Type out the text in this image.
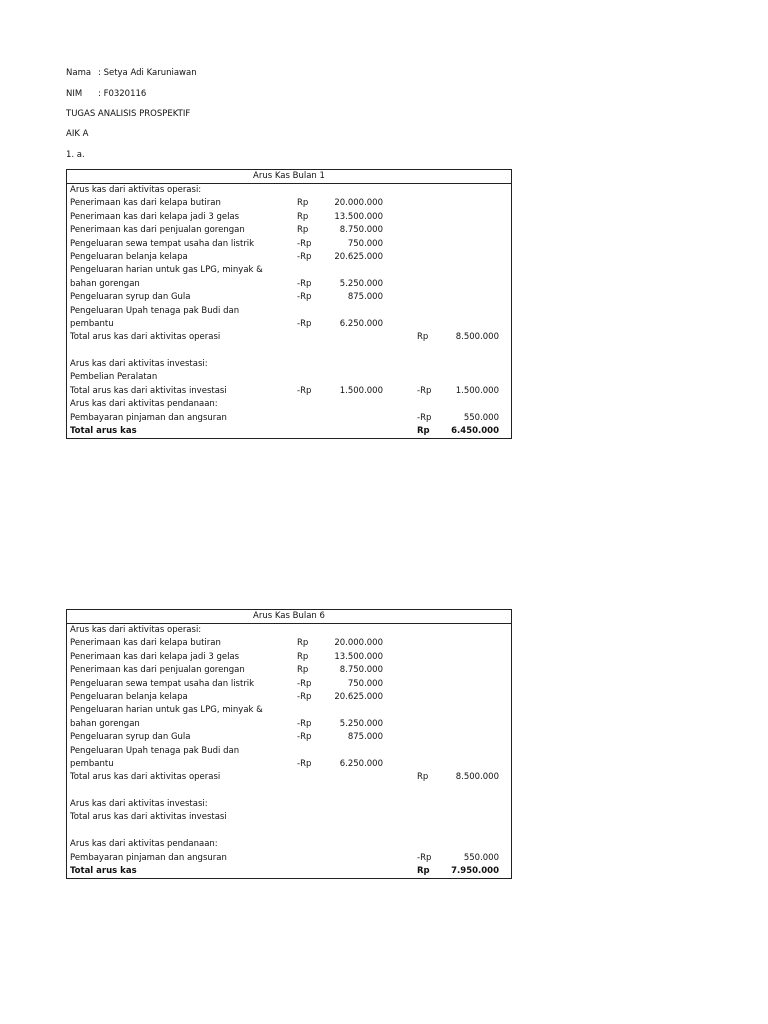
Nama : Setya Adi Karuniawan
NIM : F0320116
TUGAS ANALISIS PROSPEKTIF
AIK A
1. a.
Arus Kas Bulan 1
Arus kas dari aktivitas operasi:
Penerimaan kas dari kelapa butiran	Rp	20.000.000
Penerimaan kas dari kelapa jadi 3 gelas	Rp	13.500.000
Penerimaan kas dari penjualan gorengan	Rp	8.750.000
Pengeluaran sewa tempat usaha dan listrik	-Rp	750.000
Pengeluaran belanja kelapa	-Rp	20.625.000
Pengeluaran harian untuk gas LPG, minyak &
bahan gorengan	-Rp	5.250.000
Pengeluaran syrup dan Gula	-Rp	875.000
Pengeluaran Upah tenaga pak Budi dan
pembantu	-Rp	6.250.000
Total arus kas dari aktivitas operasi	Rp	8.500.000
Arus kas dari aktivitas investasi:
Pembelian Peralatan
Total arus kas dari aktivitas investasi	-Rp	1.500.000	-Rp	1.500.000
Arus kas dari aktivitas pendanaan:
Pembayaran pinjaman dan angsuran	-Rp	550.000
Total arus kas	Rp	6.450.000
Arus Kas Bulan 6
Arus kas dari aktivitas operasi:
Penerimaan kas dari kelapa butiran	Rp	20.000.000
Penerimaan kas dari kelapa jadi 3 gelas	Rp	13.500.000
Penerimaan kas dari penjualan gorengan	Rp	8.750.000
Pengeluaran sewa tempat usaha dan listrik	-Rp	750.000
Pengeluaran belanja kelapa	-Rp	20.625.000
Pengeluaran harian untuk gas LPG, minyak &
bahan gorengan	-Rp	5.250.000
Pengeluaran syrup dan Gula	-Rp	875.000
Pengeluaran Upah tenaga pak Budi dan
pembantu	-Rp	6.250.000
Total arus kas dari aktivitas operasi	Rp	8.500.000
Arus kas dari aktivitas investasi:
Total arus kas dari aktivitas investasi
Arus kas dari aktivitas pendanaan:
Pembayaran pinjaman dan angsuran	-Rp	550.000
Total arus kas	Rp	7.950.000
